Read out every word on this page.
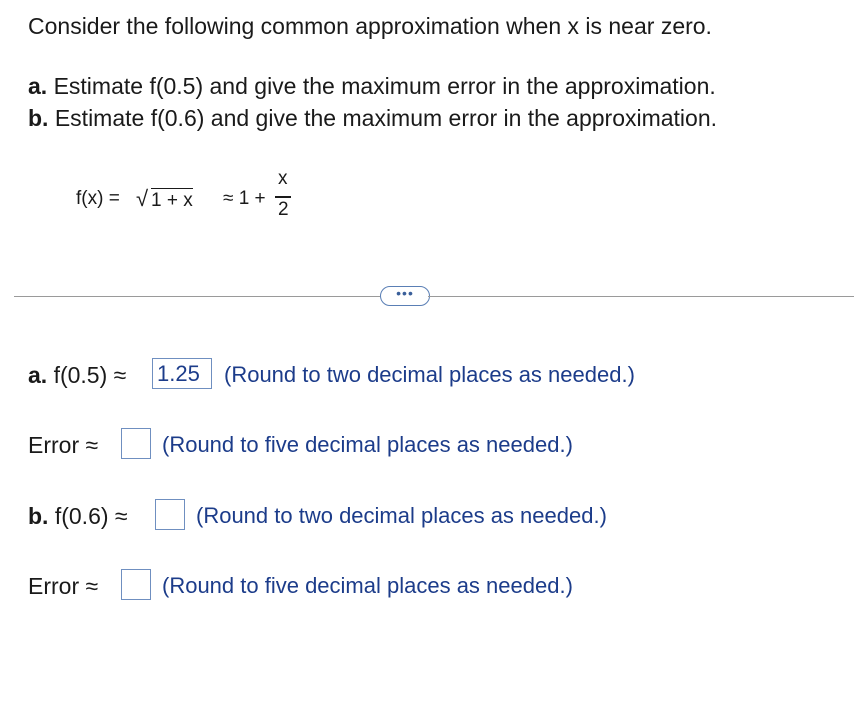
Consider the following common approximation when x is near zero.
a. Estimate f(0.5) and give the maximum error in the approximation.
b. Estimate f(0.6) and give the maximum error in the approximation.
f(x) = √ 1 + x ≈ 1 +
x
2
•••
a. f(0.5) ≈ 1.25	(Round to two decimal places as needed.)
Error ≈	(Round to five decimal places as needed.)
b. f(0.6) ≈	(Round to two decimal places as needed.)
Error ≈	(Round to five decimal places as needed.)
